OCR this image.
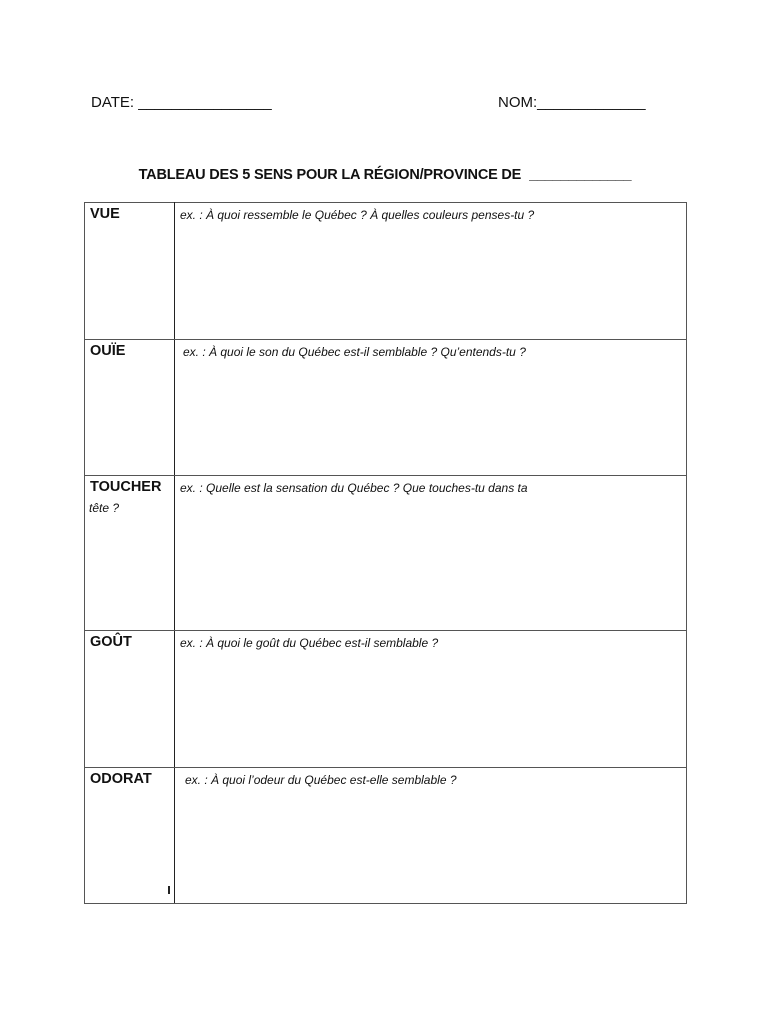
DATE: ________________	NOM:_____________
TABLEAU DES 5 SENS POUR LA RÉGION/PROVINCE DE _____________
VUE	ex. : À quoi ressemble le Québec ? À quelles couleurs penses-tu ?
OUÏE	ex. : À quoi le son du Québec est-il semblable ? Qu’entends-tu ?
TOUCHER
tête ?	ex. : Quelle est la sensation du Québec ? Que touches-tu dans ta
GOÛT	ex. : À quoi le goût du Québec est-il semblable ?
ODORAT	ex. : À quoi l’odeur du Québec est-elle semblable ?
